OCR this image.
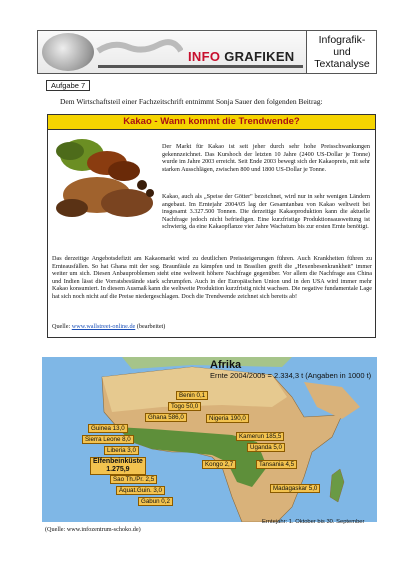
INFO GRAFIKEN
Infografik-
und
Textanalyse
Aufgabe 7
Dem Wirtschaftsteil einer Fachzeitschrift entnimmt Sonja Sauer den folgenden Beitrag:
Kakao - Wann kommt die Trendwende?
Der Markt für Kakao ist seit jeher durch sehr hohe Preisschwankungen gekennzeichnet. Das Kurshoch der letzten 10 Jahre (2400 US-Dollar je Tonne) wurde im Jahre 2003 erreicht. Seit Ende 2003 bewegt sich der Kakaopreis, mit sehr starken Ausschlägen, zwischen 800 und 1800 US-Dollar je Tonne.
Kakao, auch als „Speise der Götter" bezeichnet, wird nur in sehr wenigen Ländern angebaut. Im Erntejahr 2004/05 lag der Gesamtanbau von Kakao weltweit bei insgesamt 3.327.500 Tonnen. Die derzeitige Kakaoproduktion kann die aktuelle Nachfrage jedoch nicht befriedigen. Eine kurzfristige Produktionsausweitung ist schwierig, da eine Kakaopflanze vier Jahre Wachstum bis zur ersten Ernte benötigt.
Das derzeitige Angebotsdefizit am Kakaomarkt wird zu deutlichen Preissteigerungen führen. Auch Krankheiten führen zu Ernteausfällen. So hat Ghana mit der sog. Braunfäule zu kämpfen und in Brasilien greift die „Hexenbesenkrankheit" immer weiter um sich. Diesen Anbauproblemen steht eine weltweit höhere Nachfrage gegenüber. Vor allem die Nachfrage aus China und Indien lässt die Vorratsbestände stark schrumpfen. Auch in der Europäischen Union und in den USA wird immer mehr Kakao konsumiert. In diesem Ausmaß kann die weltweite Produktion kurzfristig nicht wachsen. Die negative fundamentale Lage hat sich noch nicht auf die Preise niedergeschlagen. Doch die Trendwende zeichnet sich bereits ab!
Quelle: www.wallstreet-online.de (bearbeitet)
Afrika
Ernte 2004/2005 = 2.334,3 t (Angaben in 1000 t)
Benin 0,1
Togo 50,0
Ghana 586,0
Guinea 13,0
Sierra Leone 8,0
Liberia 3,0
Elfenbeinküste
1.275,9
Sao Th./Pr. 2,5
Äquat.Guin. 3,0
Gabun 0,2
Nigeria 190,0
Kamerun 185,5
Uganda 5,0
Kongo 2,7	Tansania 4,5
Madagaskar 5,0
Erntejahr: 1. Oktober bis 30. September
(Quelle: www.infozentrum-schoko.de)
